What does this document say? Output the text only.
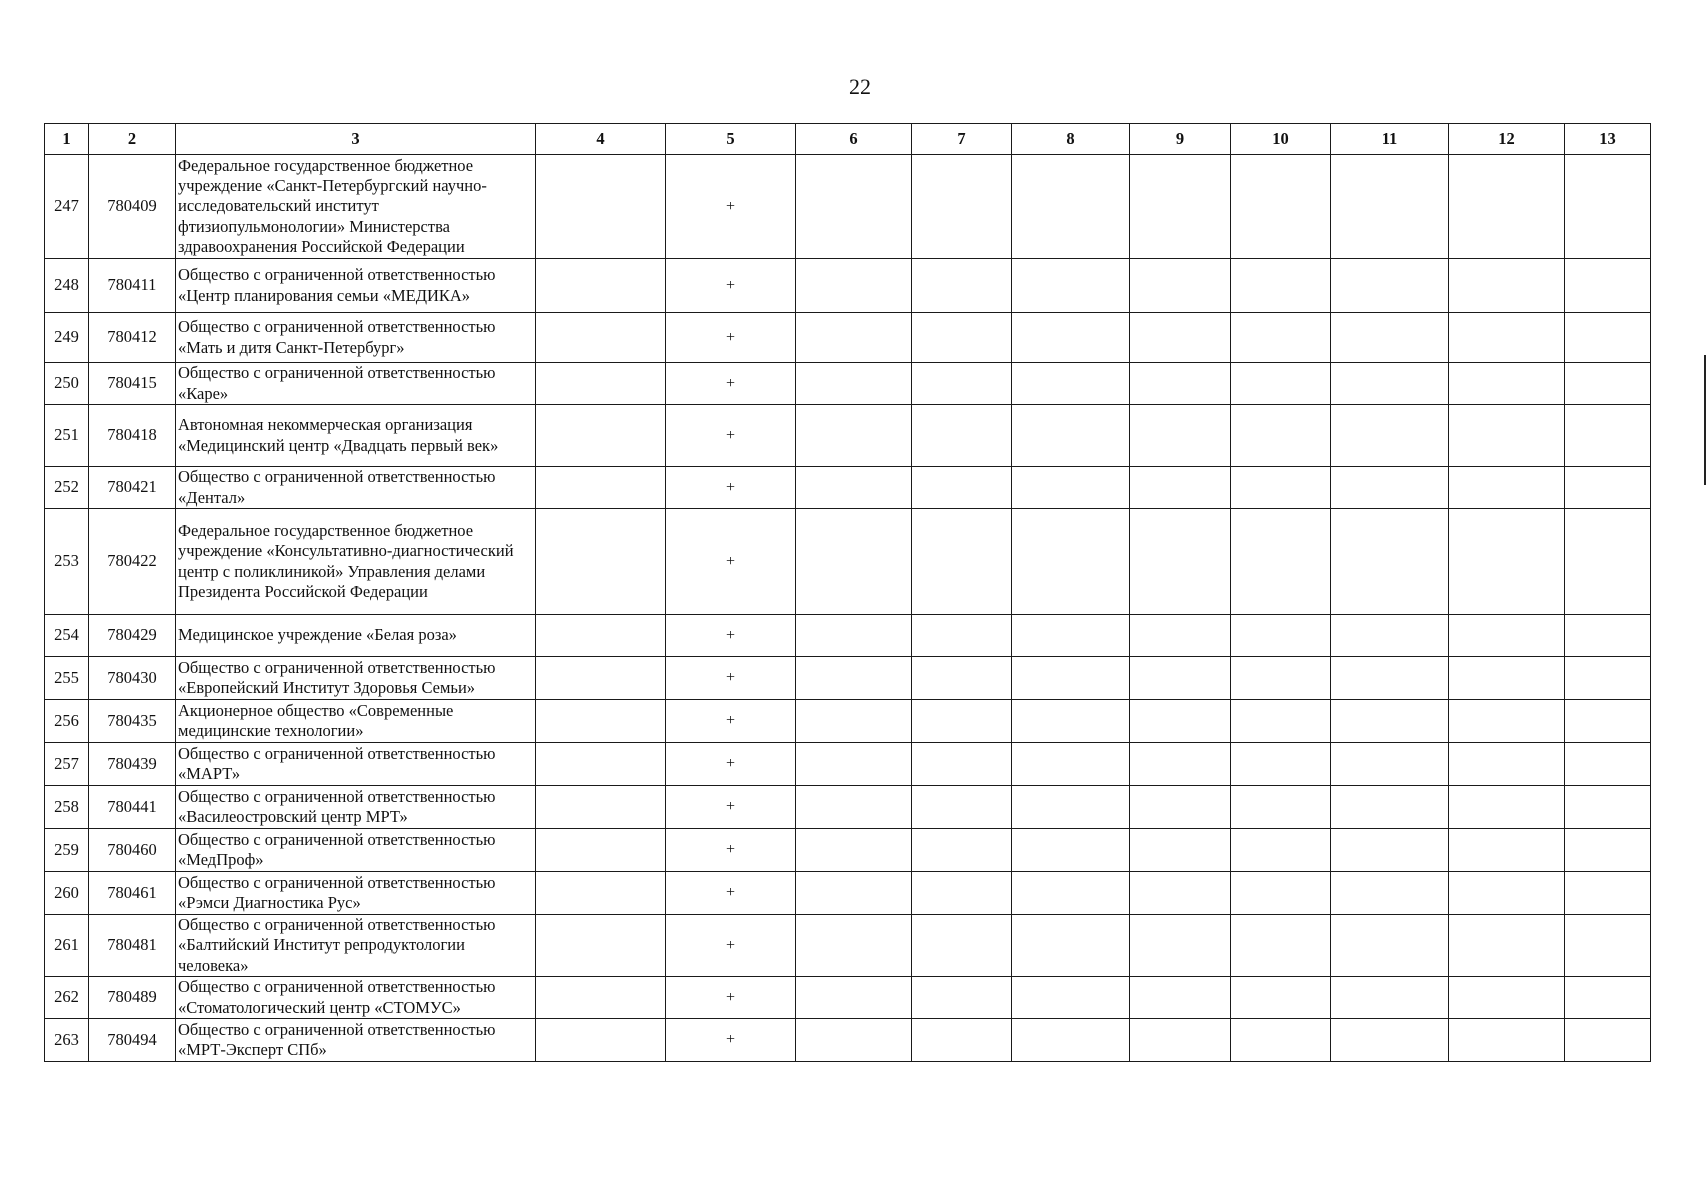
22
1	2	3	4	5	6	7	8	9	10	11	12	13
247	780409	Федеральное государственное бюджетное учреждение «Санкт-Петербургский научно-исследовательский институт фтизиопульмонологии» Министерства здравоохранения Российской Федерации		+								
248	780411	Общество с ограниченной ответственностью «Центр планирования семьи «МЕДИКА»		+								
249	780412	Общество с ограниченной ответственностью «Мать и дитя Санкт-Петербург»		+								
250	780415	Общество с ограниченной ответственностью «Каре»		+								
251	780418	Автономная некоммерческая организация «Медицинский центр «Двадцать первый век»		+								
252	780421	Общество с ограниченной ответственностью «Дентал»		+								
253	780422	Федеральное государственное бюджетное учреждение «Консультативно-диагностический центр с поликлиникой» Управления делами Президента Российской Федерации		+								
254	780429	Медицинское учреждение «Белая роза»		+								
255	780430	Общество с ограниченной ответственностью «Европейский Институт Здоровья Семьи»		+								
256	780435	Акционерное общество «Современные медицинские технологии»		+								
257	780439	Общество с ограниченной ответственностью «МАРТ»		+								
258	780441	Общество с ограниченной ответственностью «Василеостровский центр МРТ»		+								
259	780460	Общество с ограниченной ответственностью «МедПроф»		+								
260	780461	Общество с ограниченной ответственностью «Рэмси Диагностика Рус»		+								
261	780481	Общество с ограниченной ответственностью «Балтийский Институт репродуктологии человека»		+								
262	780489	Общество с ограниченной ответственностью «Стоматологический центр «СТОМУС»		+								
263	780494	Общество с ограниченной ответственностью «МРТ-Эксперт СПб»		+								
